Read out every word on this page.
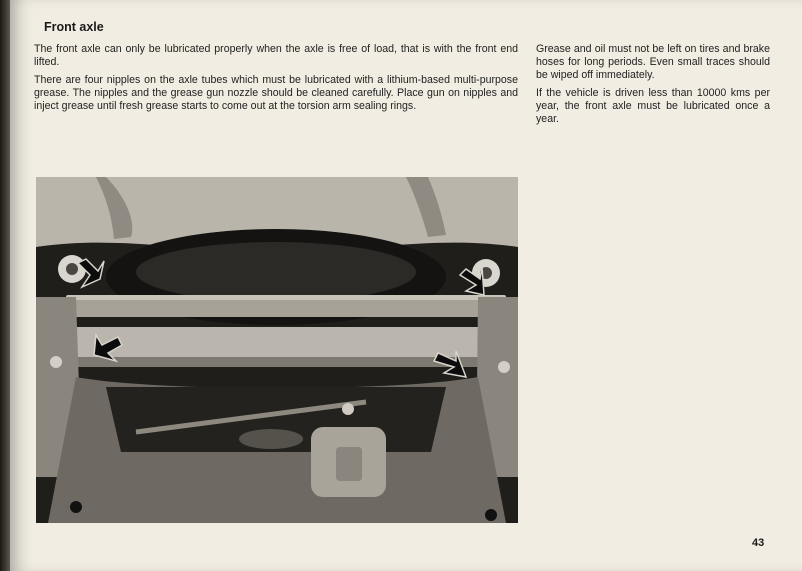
Front axle

The front axle can only be lubricated properly when the axle is free of load, that is with the front end lifted.

There are four nipples on the axle tubes which must be lubricated with a lithium-based multi-purpose grease. The nipples and the grease gun nozzle should be cleaned carefully. Place gun on nipples and inject grease until fresh grease starts to come out at the torsion arm sealing rings.

Grease and oil must not be left on tires and brake hoses for long periods. Even small traces should be wiped off immediately.

If the vehicle is driven less than 10000 kms per year, the front axle must be lubricated once a year.

43
